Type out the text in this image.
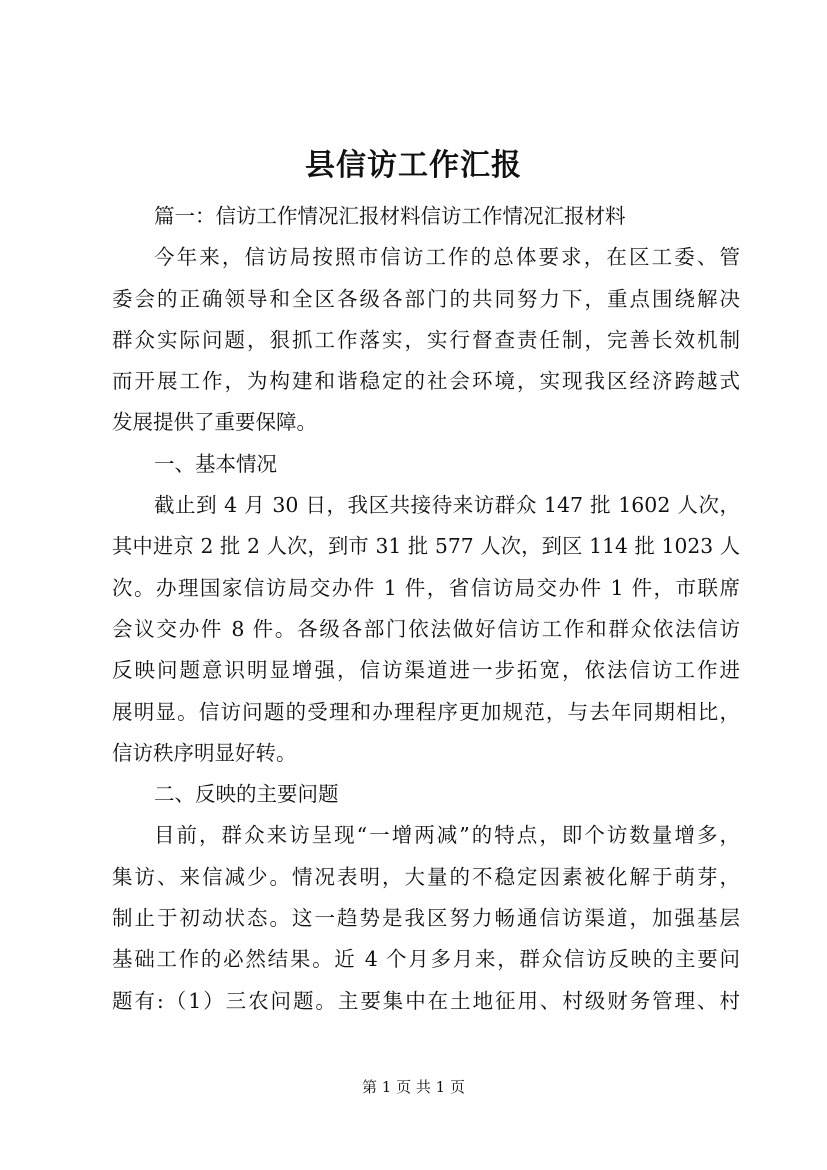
县信访工作汇报
篇一：信访工作情况汇报材料信访工作情况汇报材料
今年来，信访局按照市信访工作的总体要求，在区工委、管
委会的正确领导和全区各级各部门的共同努力下，重点围绕解决
群众实际问题，狠抓工作落实，实行督查责任制，完善长效机制
而开展工作，为构建和谐稳定的社会环境，实现我区经济跨越式
发展提供了重要保障。
一、基本情况
截止到 4 月 30 日，我区共接待来访群众 147 批 1602 人次，
其中进京 2 批 2 人次，到市 31 批 577 人次，到区 114 批 1023 人
次。办理国家信访局交办件 1 件，省信访局交办件 1 件，市联席
会议交办件 8 件。各级各部门依法做好信访工作和群众依法信访
反映问题意识明显增强，信访渠道进一步拓宽，依法信访工作进
展明显。信访问题的受理和办理程序更加规范，与去年同期相比，
信访秩序明显好转。
二、反映的主要问题
目前，群众来访呈现“一增两减”的特点，即个访数量增多，
集访、来信减少。情况表明，大量的不稳定因素被化解于萌芽，
制止于初动状态。这一趋势是我区努力畅通信访渠道，加强基层
基础工作的必然结果。近 4 个月多月来，群众信访反映的主要问
题有:（1）三农问题。主要集中在土地征用、村级财务管理、村
第 1 页 共 1 页
